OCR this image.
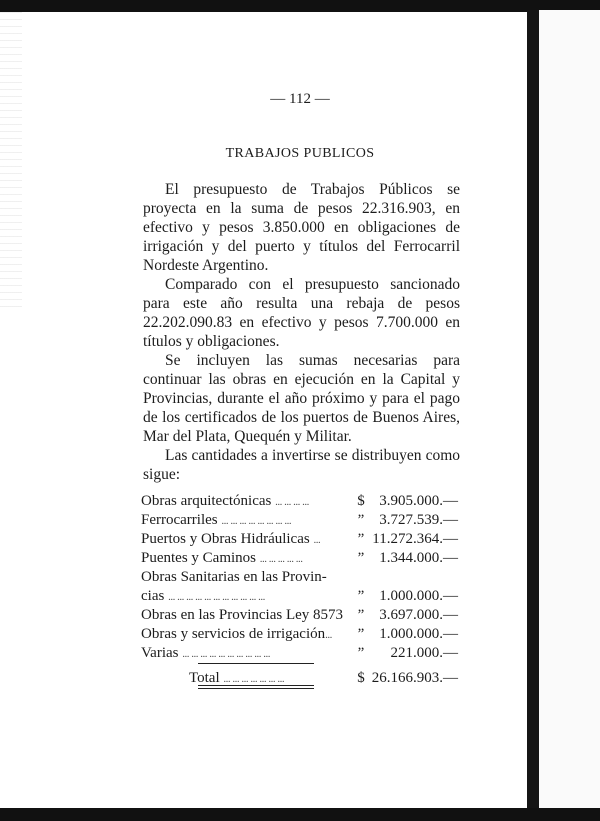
— 112 —
TRABAJOS PUBLICOS

El presupuesto de Trabajos Públicos se proyecta en la suma de pesos 22.316.903, en efectivo y pesos 3.850.000 en obligaciones de irrigación y del puerto y títulos del Ferrocarril Nordeste Argentino.

Comparado con el presupuesto sancionado para este año resulta una rebaja de pesos 22.202.090.83 en efectivo y pesos 7.700.000 en títulos y obligaciones.

Se incluyen las sumas necesarias para continuar las obras en ejecución en la Capital y Provincias, durante el año próximo y para el pago de los certificados de los puertos de Buenos Aires, Mar del Plata, Quequén y Militar.

Las cantidades a invertirse se distribuyen como sigue:

Obras arquitectónicas ... ... ... ...	$ 3.905.000.—
Ferrocarriles ... ... ... ... ... ... ... ...	” 3.727.539.—
Puertos y Obras Hidráulicas ...	” 11.272.364.—
Puentes y Caminos ... ... ... ... ...	” 1.344.000.—
Obras Sanitarias en las Provin-
cias ... ... ... ... ... ... ... ... ... ... ...	” 1.000.000.—
Obras en las Provincias Ley 8573 ” 3.697.000.—
Obras y servicios de irrigación...	” 1.000.000.—
Varias ... ... ... ... ... ... ... ... ... ...	”	221.000.—
Total ... ... ... ... ... ... ...	$ 26.166.903.—
